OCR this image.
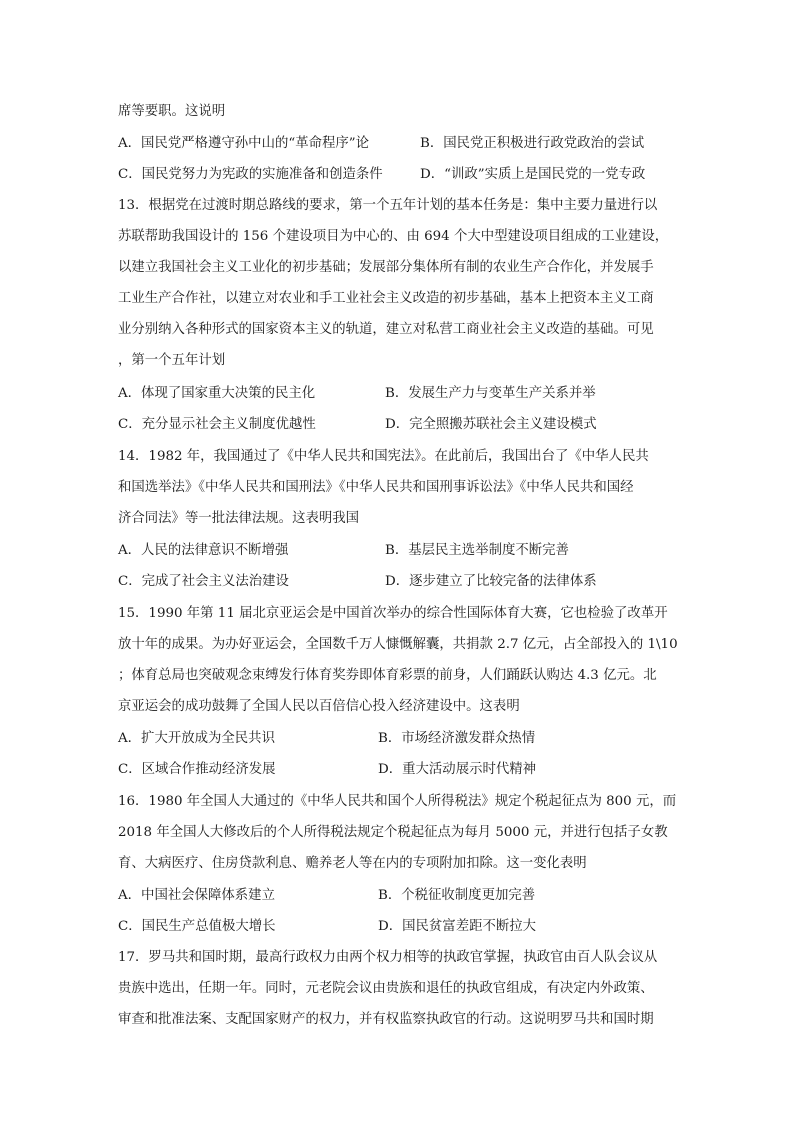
席等要职。这说明
A．国民党严格遵守孙中山的“革命程序”论	B．国民党正积极进行政党政治的尝试
C．国民党努力为宪政的实施准备和创造条件	D．“训政”实质上是国民党的一党专政
13．根据党在过渡时期总路线的要求，第一个五年计划的基本任务是：集中主要力量进行以
苏联帮助我国设计的 156 个建设项目为中心的、由 694 个大中型建设项目组成的工业建设，
以建立我国社会主义工业化的初步基础；发展部分集体所有制的农业生产合作化，并发展手
工业生产合作社，以建立对农业和手工业社会主义改造的初步基础，基本上把资本主义工商
业分别纳入各种形式的国家资本主义的轨道，建立对私营工商业社会主义改造的基础。可见
，第一个五年计划
A．体现了国家重大决策的民主化	B．发展生产力与变革生产关系并举
C．充分显示社会主义制度优越性	D．完全照搬苏联社会主义建设模式
14．1982 年，我国通过了《中华人民共和国宪法》。在此前后，我国出台了《中华人民共
和国选举法》《中华人民共和国刑法》《中华人民共和国刑事诉讼法》《中华人民共和国经
济合同法》等一批法律法规。这表明我国
A．人民的法律意识不断增强	B．基层民主选举制度不断完善
C．完成了社会主义法治建设	D．逐步建立了比较完备的法律体系
15．1990 年第 11 届北京亚运会是中国首次举办的综合性国际体育大赛，它也检验了改革开
放十年的成果。为办好亚运会，全国数千万人慷慨解囊，共捐款 2.7 亿元，占全部投入的 1\10
；体育总局也突破观念束缚发行体育奖券即体育彩票的前身，人们踊跃认购达 4.3 亿元。北
京亚运会的成功鼓舞了全国人民以百倍信心投入经济建设中。这表明
A．扩大开放成为全民共识	B．市场经济激发群众热情
C．区域合作推动经济发展	D．重大活动展示时代精神
16．1980 年全国人大通过的《中华人民共和国个人所得税法》规定个税起征点为 800 元，而
2018 年全国人大修改后的个人所得税法规定个税起征点为每月 5000 元，并进行包括子女教
育、大病医疗、住房贷款利息、赡养老人等在内的专项附加扣除。这一变化表明
A．中国社会保障体系建立	B．个税征收制度更加完善
C．国民生产总值极大增长	D．国民贫富差距不断拉大
17．罗马共和国时期，最高行政权力由两个权力相等的执政官掌握，执政官由百人队会议从
贵族中选出，任期一年。同时，元老院会议由贵族和退任的执政官组成，有决定内外政策、
审查和批准法案、支配国家财产的权力，并有权监察执政官的行动。这说明罗马共和国时期
